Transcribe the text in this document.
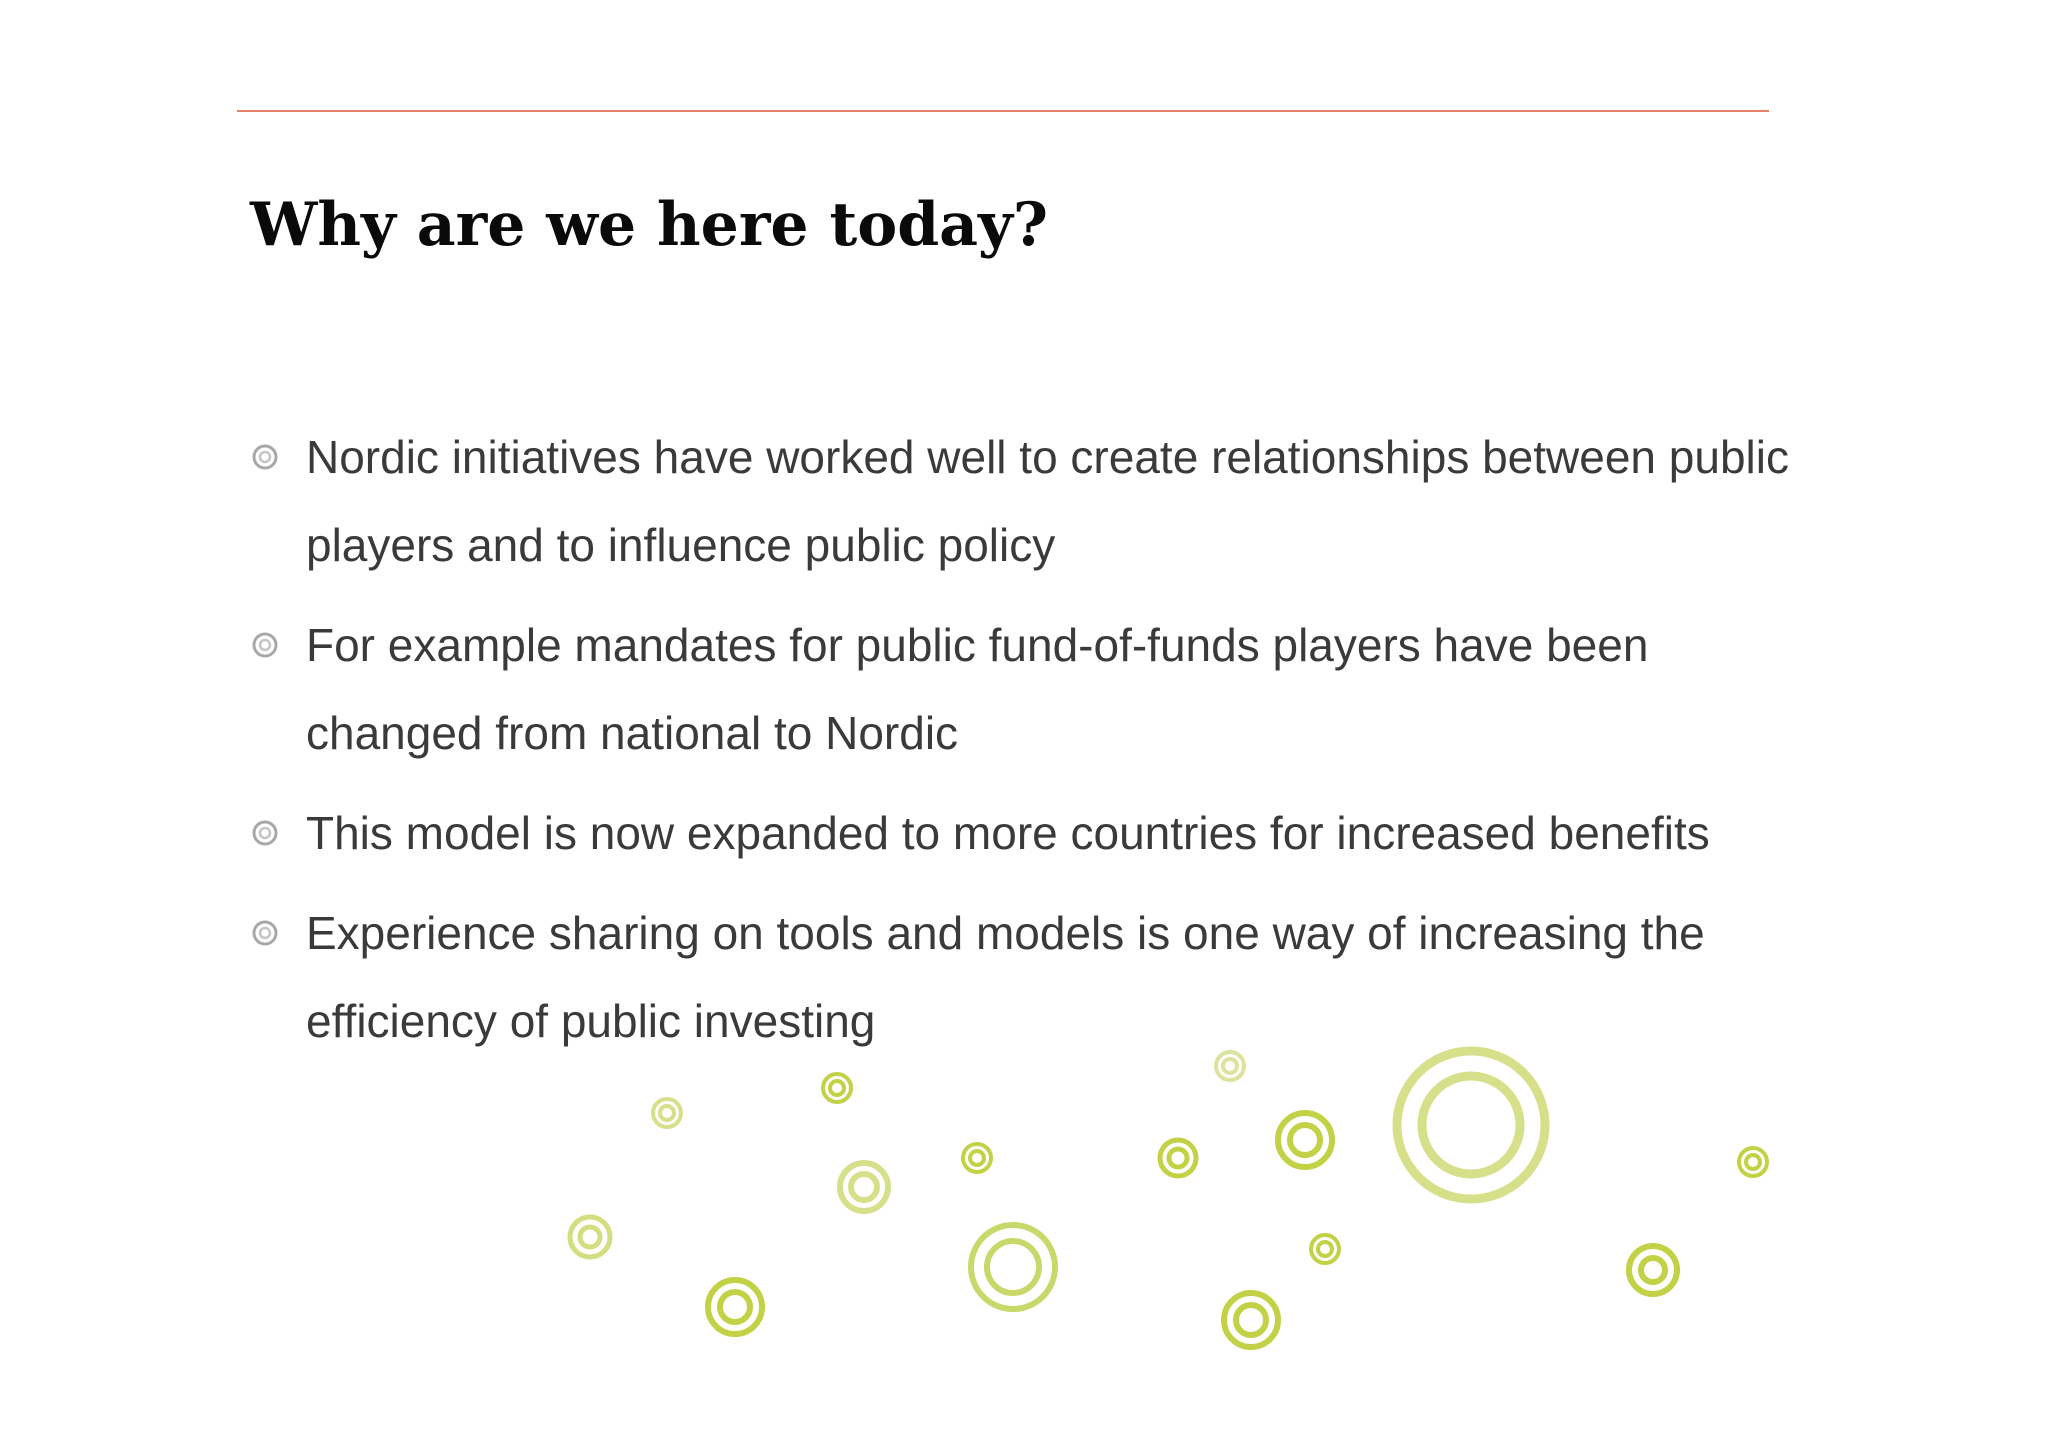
Why are we here today?
Nordic initiatives have worked well to create relationships between public players and to influence public policy
For example mandates for public fund-of-funds players have been changed from national to Nordic
This model is now expanded to more countries for increased benefits
Experience sharing on tools and models is one way of increasing the efficiency of public investing
